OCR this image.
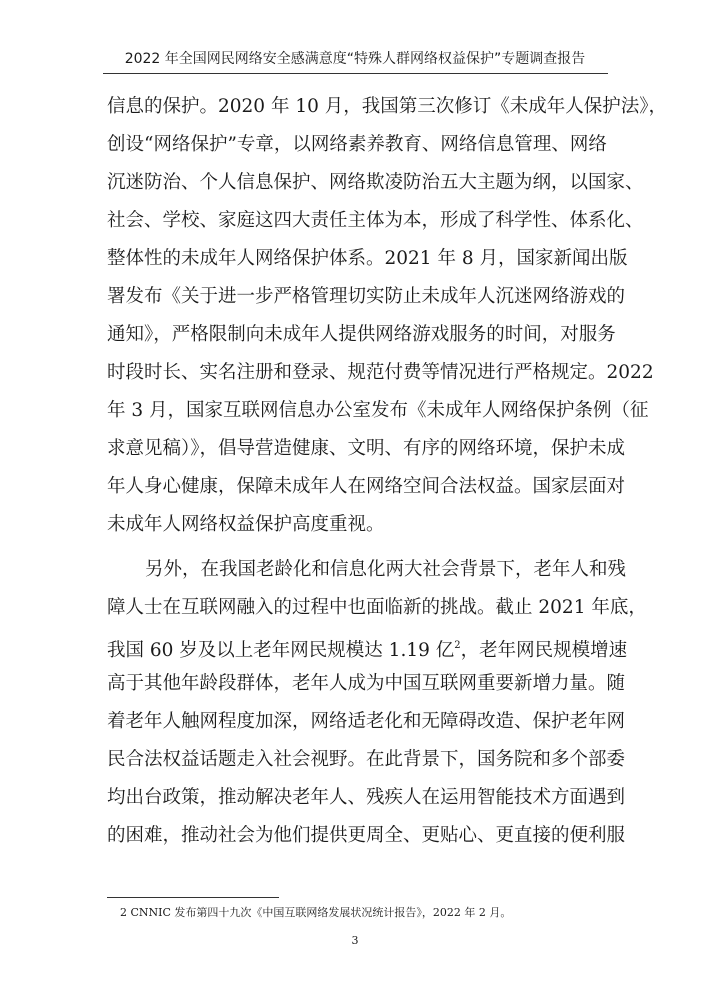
2022 年全国网民网络安全感满意度“特殊人群网络权益保护”专题调查报告
信息的保护。2020 年 10 月，我国第三次修订《未成年人保护法》，
创设“网络保护”专章，以网络素养教育、网络信息管理、网络
沉迷防治、个人信息保护、网络欺凌防治五大主题为纲，以国家、
社会、学校、家庭这四大责任主体为本，形成了科学性、体系化、
整体性的未成年人网络保护体系。2021 年 8 月，国家新闻出版
署发布《关于进一步严格管理切实防止未成年人沉迷网络游戏的
通知》，严格限制向未成年人提供网络游戏服务的时间，对服务
时段时长、实名注册和登录、规范付费等情况进行严格规定。2022
年 3 月，国家互联网信息办公室发布《未成年人网络保护条例（征
求意见稿）》，倡导营造健康、文明、有序的网络环境，保护未成
年人身心健康，保障未成年人在网络空间合法权益。国家层面对
未成年人网络权益保护高度重视。
另外，在我国老龄化和信息化两大社会背景下，老年人和残
障人士在互联网融入的过程中也面临新的挑战。截止 2021 年底，
我国 60 岁及以上老年网民规模达 1.19 亿$^2$，老年网民规模增速
高于其他年龄段群体，老年人成为中国互联网重要新增力量。随
着老年人触网程度加深，网络适老化和无障碍改造、保护老年网
民合法权益话题走入社会视野。在此背景下，国务院和多个部委
均出台政策，推动解决老年人、残疾人在运用智能技术方面遇到
的困难，推动社会为他们提供更周全、更贴心、更直接的便利服
2 CNNIC 发布第四十九次《中国互联网络发展状况统计报告》，2022 年 2 月。
3
